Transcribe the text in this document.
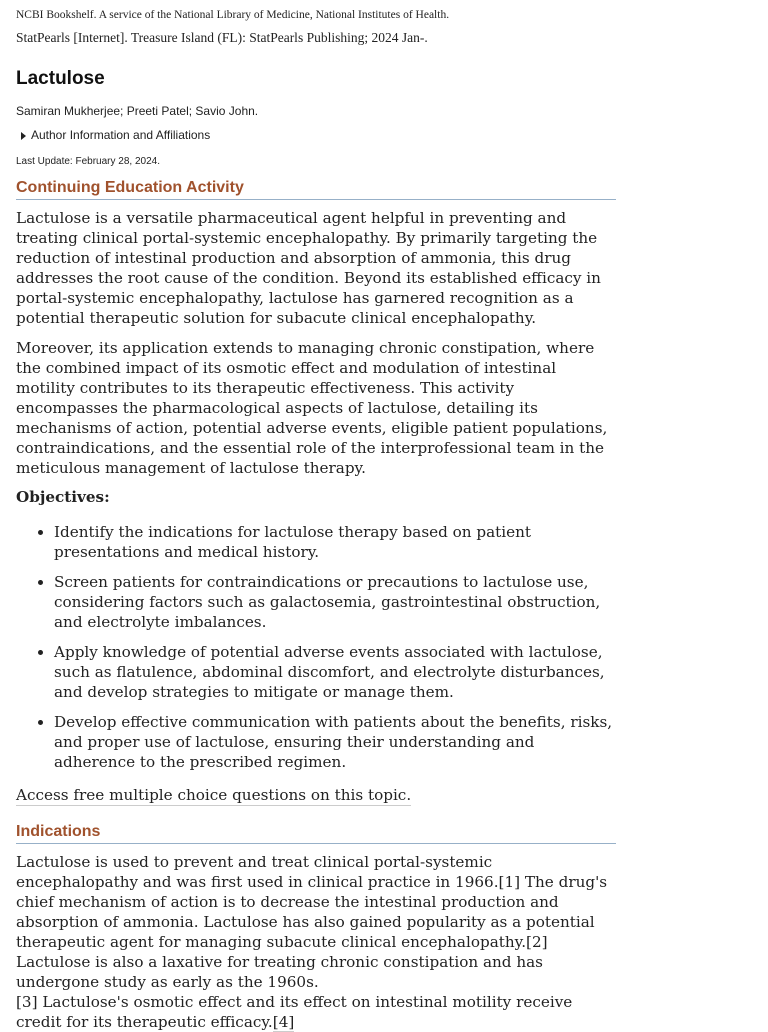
NCBI Bookshelf. A service of the National Library of Medicine, National Institutes of Health.
StatPearls [Internet]. Treasure Island (FL): StatPearls Publishing; 2024 Jan-.
Lactulose
Samiran Mukherjee; Preeti Patel; Savio John.
Author Information and Affiliations
Last Update: February 28, 2024.
Continuing Education Activity

Lactulose is a versatile pharmaceutical agent helpful in preventing and treating clinical portal-systemic encephalopathy. By primarily targeting the reduction of intestinal production and absorption of ammonia, this drug addresses the root cause of the condition. Beyond its established efficacy in portal-systemic encephalopathy, lactulose has garnered recognition as a potential therapeutic solution for subacute clinical encephalopathy.

Moreover, its application extends to managing chronic constipation, where the combined impact of its osmotic effect and modulation of intestinal motility contributes to its therapeutic effectiveness. This activity encompasses the pharmacological aspects of lactulose, detailing its mechanisms of action, potential adverse events, eligible patient populations, contraindications, and the essential role of the interprofessional team in the meticulous management of lactulose therapy.

Objectives:
• Identify the indications for lactulose therapy based on patient presentations and medical history.
• Screen patients for contraindications or precautions to lactulose use, considering factors such as galactosemia, gastrointestinal obstruction, and electrolyte imbalances.
• Apply knowledge of potential adverse events associated with lactulose, such as flatulence, abdominal discomfort, and electrolyte disturbances, and develop strategies to mitigate or manage them.
• Develop effective communication with patients about the benefits, risks, and proper use of lactulose, ensuring their understanding and adherence to the prescribed regimen.
Access free multiple choice questions on this topic.
Indications

Lactulose is used to prevent and treat clinical portal-systemic encephalopathy and was first used in clinical practice in 1966.[1] The drug's chief mechanism of action is to decrease the intestinal production and absorption of ammonia. Lactulose has also gained popularity as a potential therapeutic agent for managing subacute clinical encephalopathy.[2] Lactulose is also a laxative for treating chronic constipation and has undergone study as early as the 1960s.
[3] Lactulose's osmotic effect and its effect on intestinal motility receive credit for its therapeutic efficacy.[4]
